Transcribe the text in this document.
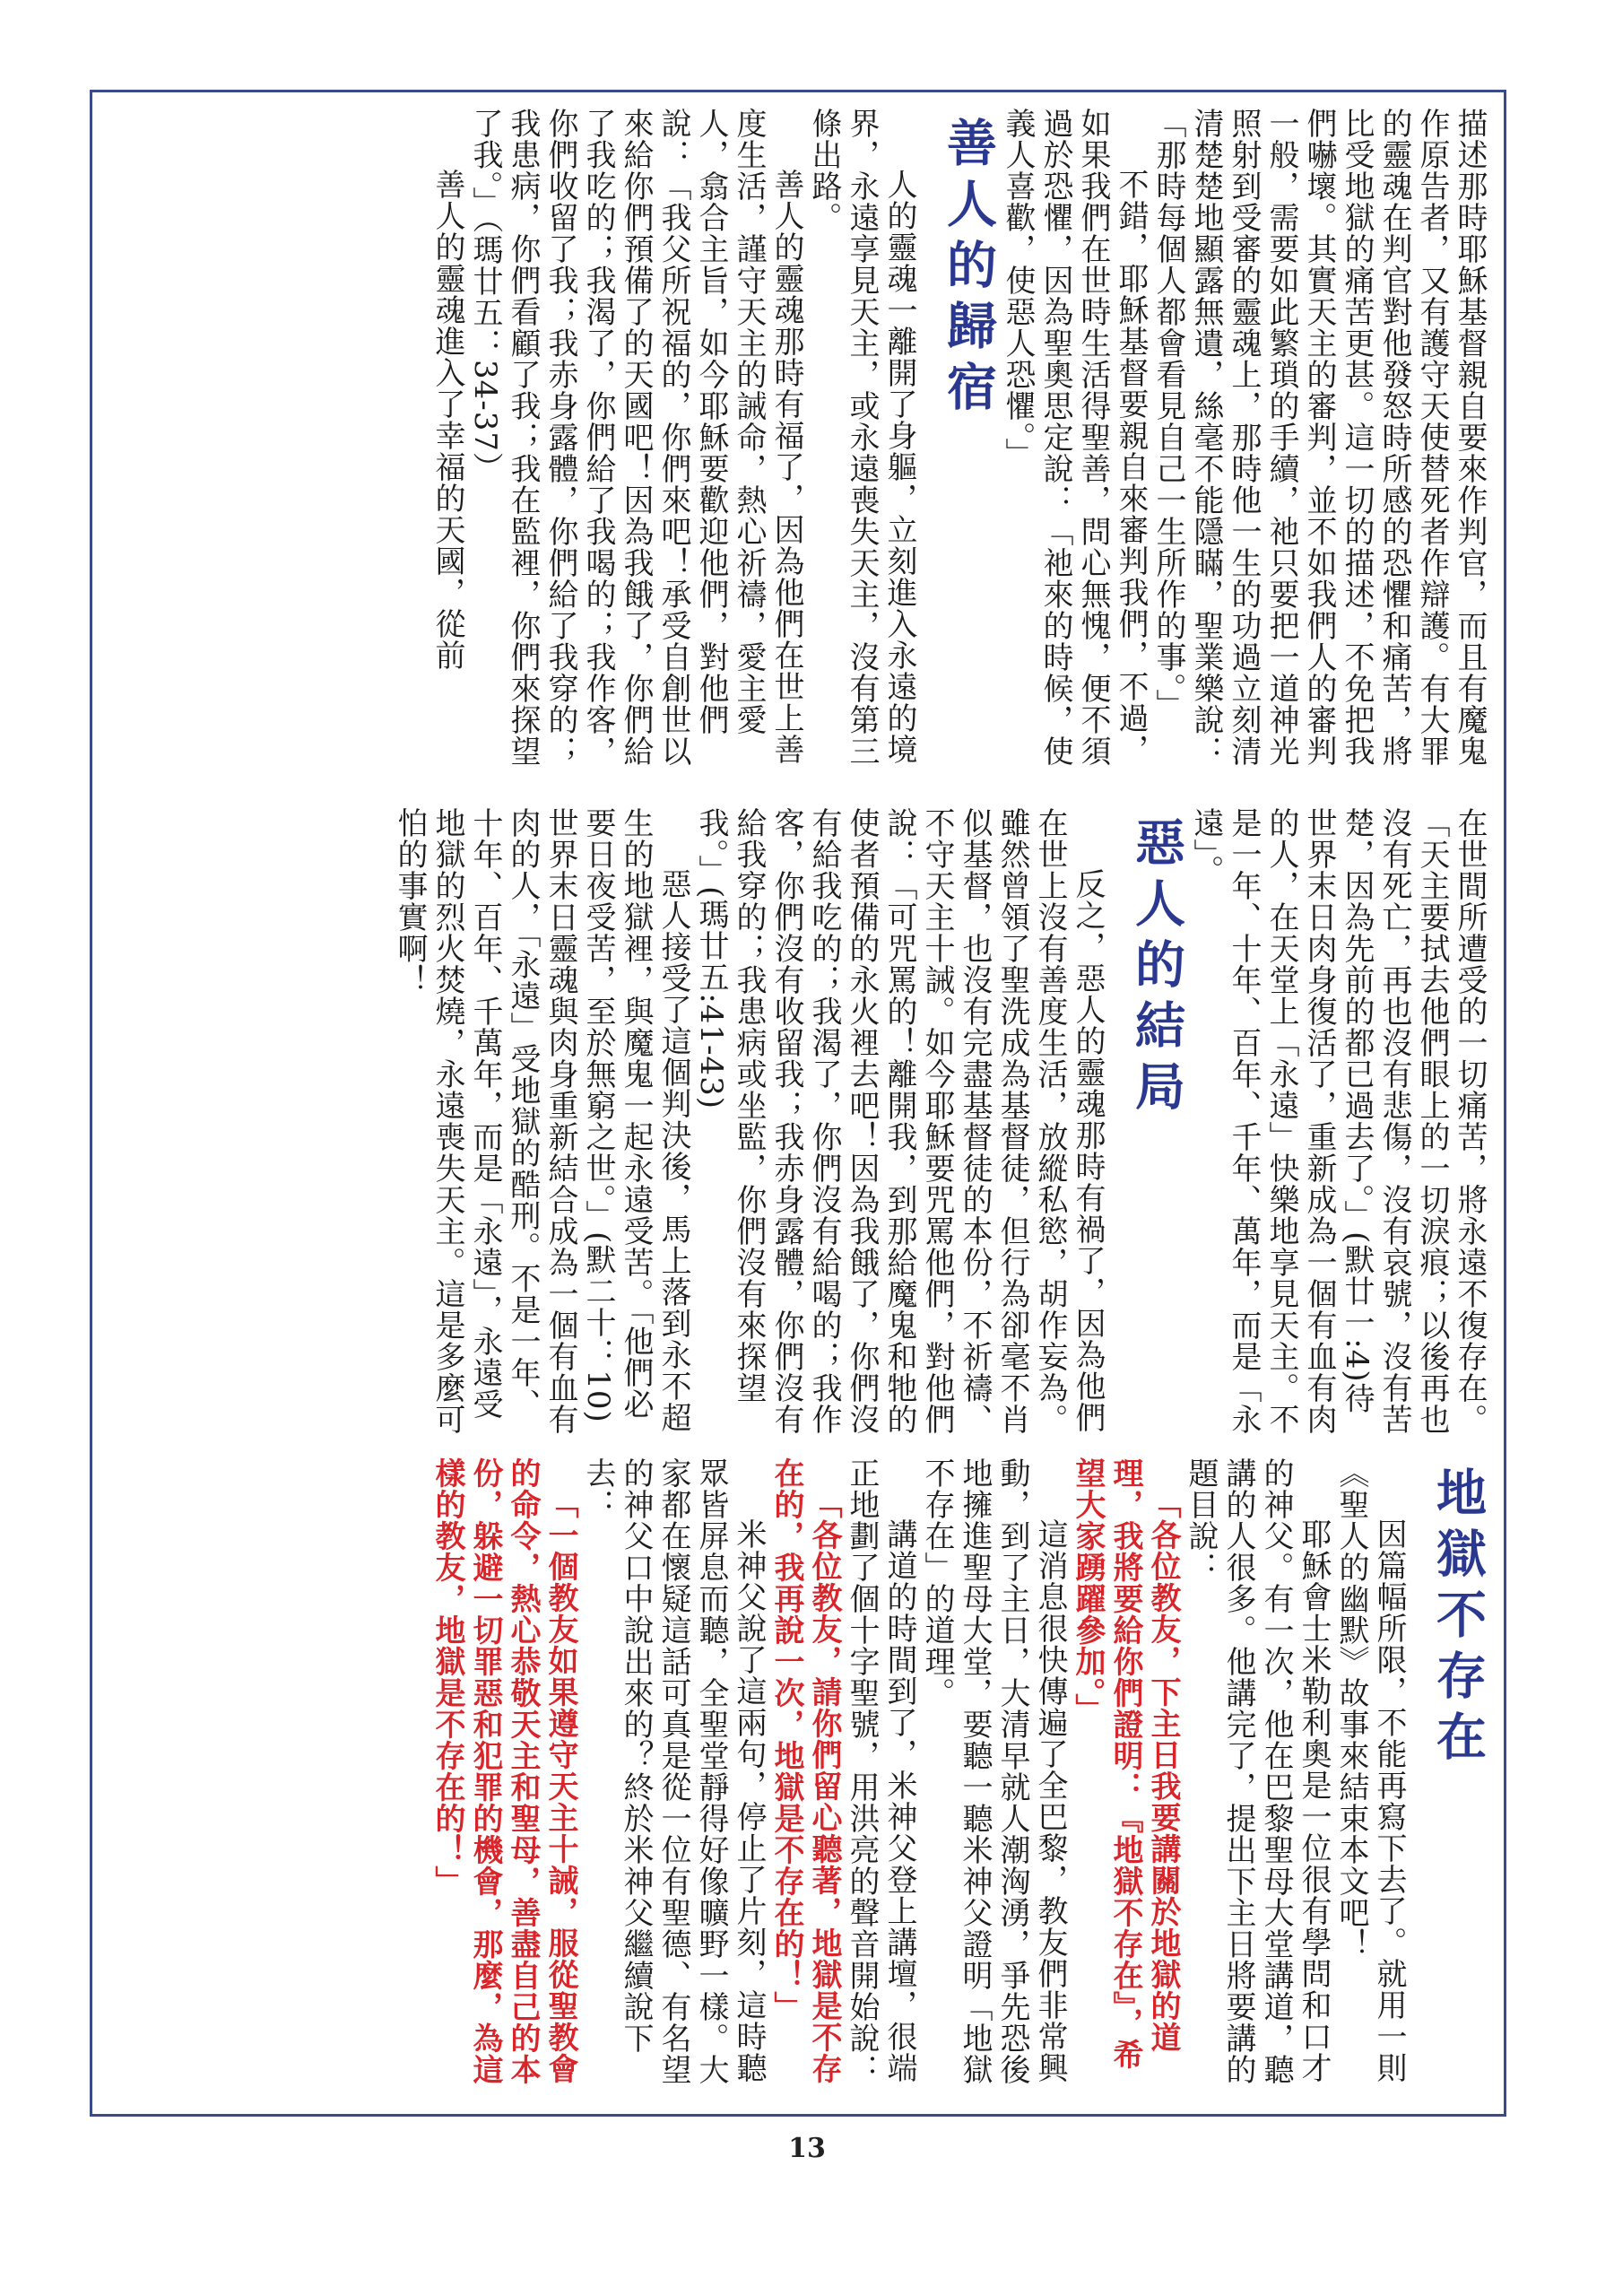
描述那時耶穌基督親自要來作判官，而且有魔鬼作原告者，又有護守天使替死者作辯護。有大罪的靈魂在判官對他發怒時所感的恐懼和痛苦，將比受地獄的痛苦更甚。這一切的描述，不免把我們嚇壞。其實天主的審判，並不如我們人的審判一般，需要如此繁瑣的手續，祂只要把一道神光照射到受審的靈魂上，那時他一生的功過立刻清清楚楚地顯露無遺，絲毫不能隱瞞，聖業樂說：「那時每個人都會看見自己一生所作的事。」

不錯，耶穌基督要親自來審判我們，不過，如果我們在世時生活得聖善，問心無愧，便不須過於恐懼，因為聖奧思定說：「祂來的時候，使義人喜歡，使惡人恐懼。」

善人的歸宿

人的靈魂一離開了身軀，立刻進入永遠的境界，永遠享見天主，或永遠喪失天主，沒有第三條出路。

善人的靈魂那時有福了，因為他們在世上善度生活，謹守天主的誡命，熱心祈禱，愛主愛人，翕合主旨，如今耶穌要歡迎他們，對他們說：「我父所祝福的，你們來吧！承受自創世以來給你們預備了的天國吧！因為我餓了，你們給了我吃的；我渴了，你們給了我喝的；我作客，你們收留了我；我赤身露體，你們給了我穿的；我患病，你們看顧了我；我在監裡，你們來探望了我。」（瑪廿五：34-37）

善人的靈魂進入了幸福的天國，從前

在世間所遭受的一切痛苦，將永遠不復存在。「天主要拭去他們眼上的一切淚痕；以後再也沒有死亡，再也沒有悲傷，沒有哀號，沒有苦楚，因為先前的都已過去了。」(默廿一:4)待世界末日肉身復活了，重新成為一個有血有肉的人，在天堂上「永遠」快樂地享見天主。不是一年、十年、百年、千年、萬年，而是「永遠」。

惡人的結局

反之，惡人的靈魂那時有禍了，因為他們在世上沒有善度生活，放縱私慾，胡作妄為。雖然曾領了聖洗成為基督徒，但行為卻毫不肖似基督，也沒有完盡基督徒的本份，不祈禱、不守天主十誡。如今耶穌要咒罵他們，對他們說：「可咒罵的！離開我，到那給魔鬼和牠的使者預備的永火裡去吧！因為我餓了，你們沒有給我吃的；我渴了，你們沒有給喝的；我作客，你們沒有收留我；我赤身露體，你們沒有給我穿的；我患病或坐監，你們沒有來探望我。」(瑪廿五:41-43)

惡人接受了這個判決後，馬上落到永不超生的地獄裡，與魔鬼一起永遠受苦。「他們必要日夜受苦，至於無窮之世。」(默二十：10)世界末日靈魂與肉身重新結合成為一個有血有肉的人，「永遠」受地獄的酷刑。不是一年、十年、百年、千萬年，而是「永遠」，永遠受地獄的烈火焚燒，永遠喪失天主。這是多麼可怕的事實啊！

地獄不存在

因篇幅所限，不能再寫下去了。就用一則《聖人的幽默》故事來結束本文吧！

耶穌會士米勒利奧是一位很有學問和口才的神父。有一次，他在巴黎聖母大堂講道，聽講的人很多。他講完了，提出下主日將要講的題目說：

「各位教友，下主日我要講關於地獄的道理，我將要給你們證明：『地獄不存在』，希望大家踴躍參加。」

這消息很快傳遍了全巴黎，教友們非常興動，到了主日，大清早就人潮洶湧，爭先恐後地擁進聖母大堂，要聽一聽米神父證明「地獄不存在」的道理。

講道的時間到了，米神父登上講壇，很端正地劃了個十字聖號，用洪亮的聲音開始說：

「各位教友，請你們留心聽著，地獄是不存在的，我再說一次，地獄是不存在的！」

米神父說了這兩句，停止了片刻，這時聽眾皆屏息而聽，全聖堂靜得好像曠野一樣。大家都在懷疑這話可真是從一位有聖德、有名望的神父口中說出來的？終於米神父繼續說下去：

「一個教友如果遵守天主十誡，服從聖教會的命令，熱心恭敬天主和聖母，善盡自己的本份，躲避一切罪惡和犯罪的機會，那麼，為這樣的教友，地獄是不存在的！」

13
